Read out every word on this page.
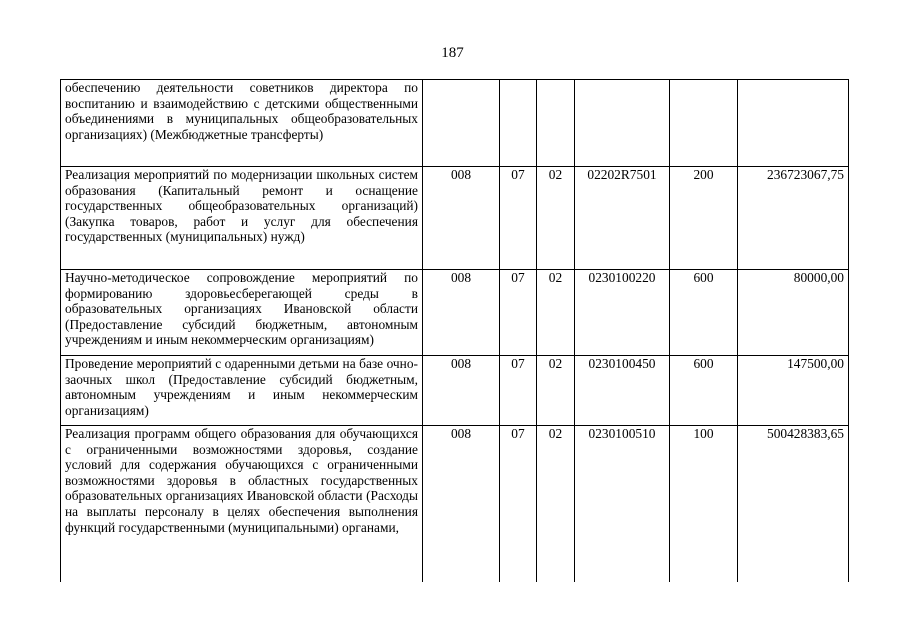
187
обеспечению деятельности советников директора по воспитанию и взаимодействию с детскими общественными объединениями в муниципальных общеобразовательных организациях) (Межбюджетные трансферты)						
Реализация мероприятий по модернизации школьных систем образования (Капитальный ремонт и оснащение государственных общеобразовательных организаций) (Закупка товаров, работ и услуг для обеспечения государственных (муниципальных) нужд)	008	07	02	02202R7501	200	236723067,75
Научно-методическое сопровождение мероприятий по формированию здоровьесберегающей среды в образовательных организациях Ивановской области (Предоставление субсидий бюджетным, автономным учреждениям и иным некоммерческим организациям)	008	07	02	0230100220	600	80000,00
Проведение мероприятий с одаренными детьми на базе очно-заочных школ (Предоставление субсидий бюджетным, автономным учреждениям и иным некоммерческим организациям)	008	07	02	0230100450	600	147500,00
Реализация программ общего образования для обучающихся с ограниченными возможностями здоровья, создание условий для содержания обучающихся с ограниченными возможностями здоровья в областных государственных образовательных организациях Ивановской области (Расходы на выплаты персоналу в целях обеспечения выполнения функций государственными (муниципальными) органами,	008	07	02	0230100510	100	500428383,65
